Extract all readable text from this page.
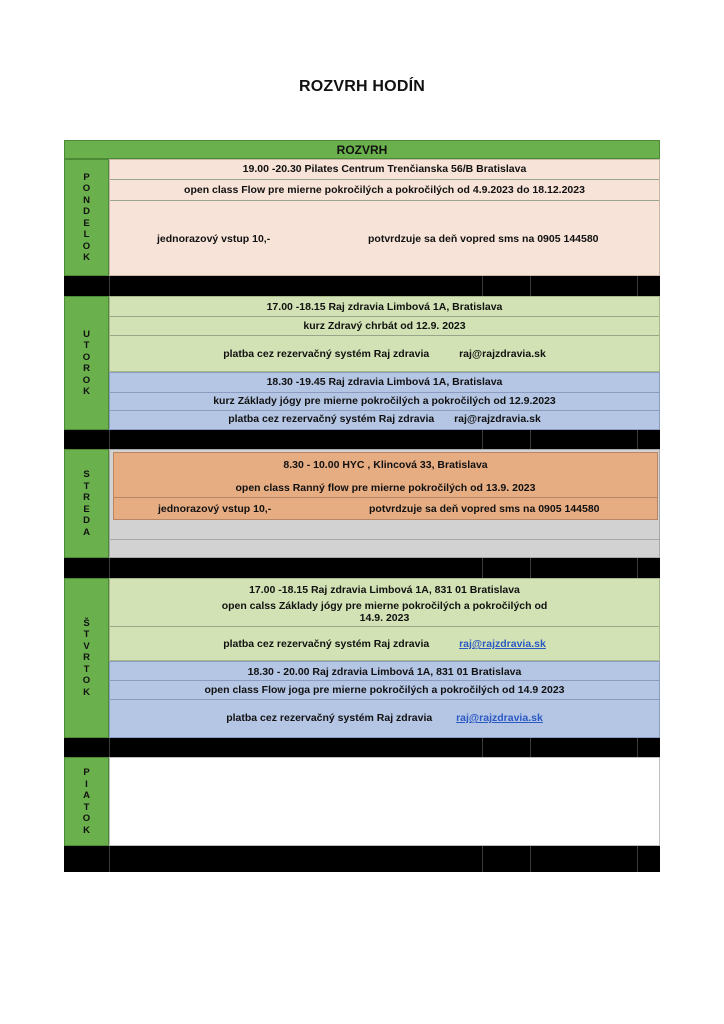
ROZVRH HODÍN
ROZVRH
P
O
N
D
E
L
O
K
19.00 -20.30 Pilates Centrum Trenčianska 56/B Bratislava
open class Flow pre mierne pokročilých a pokročilých od 4.9.2023 do 18.12.2023
jednorazový vstup 10,-	potvrdzuje sa deň vopred sms na 0905 144580
U
T
O
R
O
K
17.00 -18.15 Raj zdravia Limbová 1A, Bratislava
kurz Zdravý chrbát od 12.9. 2023
platba cez rezervačný systém Raj zdravia	raj@rajzdravia.sk
18.30 -19.45 Raj zdravia Limbová 1A, Bratislava
kurz Základy jógy pre mierne pokročilých a pokročilých od 12.9.2023
platba cez rezervačný systém Raj zdravia raj@rajzdravia.sk
S
T
R
E
D
A
8.30 - 10.00 HYC , Klincová 33, Bratislava
open class Ranný flow pre mierne pokročilých od 13.9. 2023
jednorazový vstup 10,-	potvrdzuje sa deň vopred sms na 0905 144580
Š
T
V
R
T
O
K
17.00 -18.15 Raj zdravia Limbová 1A, 831 01 Bratislava
open calss Základy jógy pre mierne pokročilých a pokročilých od
14.9. 2023
platba cez rezervačný systém Raj zdravia	raj@rajzdravia.sk
18.30 - 20.00 Raj zdravia Limbová 1A, 831 01 Bratislava
open class Flow joga pre mierne pokročilých a pokročilých od 14.9 2023
platba cez rezervačný systém Raj zdravia raj@rajzdravia.sk
P
I
A
T
O
K
